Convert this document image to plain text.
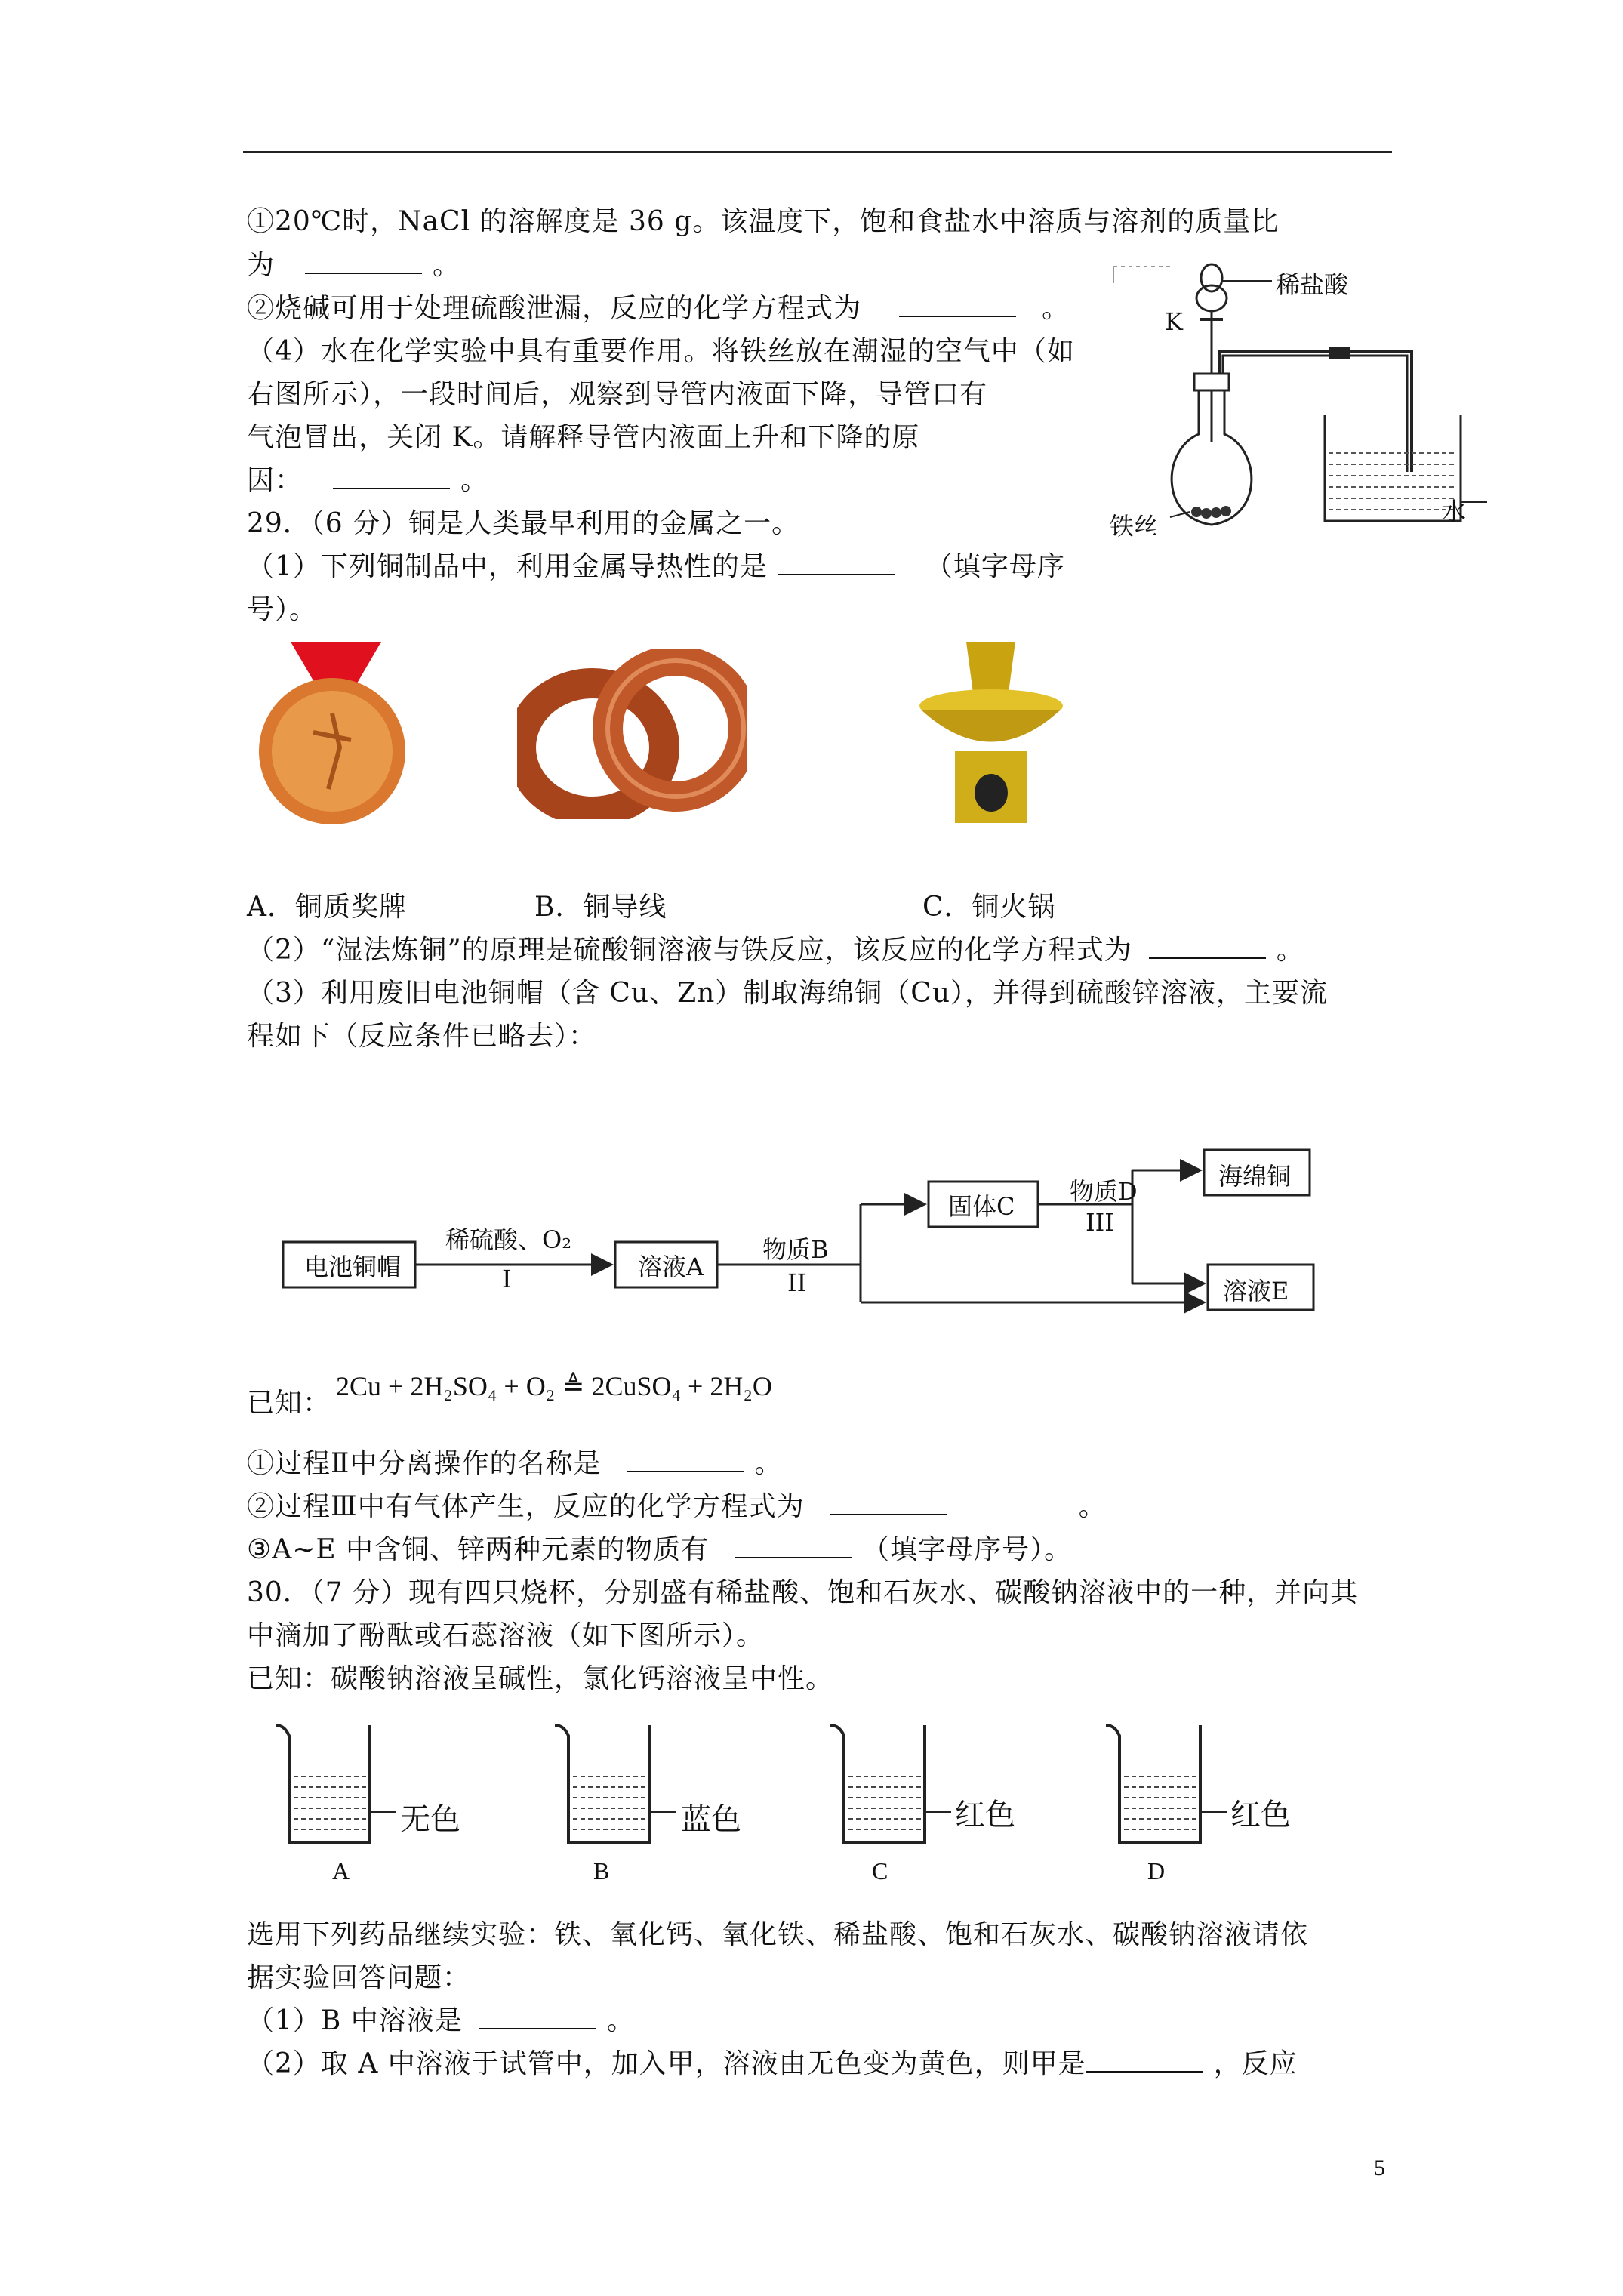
①20℃时，NaCl 的溶解度是 36 g。该温度下，饱和食盐水中溶质与溶剂的质量比
为	。
②烧碱可用于处理硫酸泄漏，反应的化学方程式为	。
（4）水在化学实验中具有重要作用。将铁丝放在潮湿的空气中（如
右图所示），一段时间后，观察到导管内液面下降，导管口有
气泡冒出，关闭 K。请解释导管内液面上升和下降的原
因：	。
29．（6 分）铜是人类最早利用的金属之一。
（1）下列铜制品中，利用金属导热性的是	（填字母序
号）。
稀盐酸
K
铁丝
水
A．铜质奖牌	B．铜导线	C．铜火锅
（2）“湿法炼铜”的原理是硫酸铜溶液与铁反应，该反应的化学方程式为	。
（3）利用废旧电池铜帽（含 Cu、Zn）制取海绵铜（Cu），并得到硫酸锌溶液，主要流
程如下（反应条件已略去）：
电池铜帽
稀硫酸、O₂
I	溶液A
物质B
II
固体C
物质D
III
海绵铜
溶液E
已知：
2Cu + 2H₂SO₄ + O₂ ≜ 2CuSO₄ + 2H₂O
①过程Ⅱ中分离操作的名称是	。
②过程Ⅲ中有气体产生，反应的化学方程式为	。
③A~E 中含铜、锌两种元素的物质有	（填字母序号）。
30．（7 分）现有四只烧杯，分别盛有稀盐酸、饱和石灰水、碳酸钠溶液中的一种，并向其
中滴加了酚酞或石蕊溶液（如下图所示）。
已知：碳酸钠溶液呈碱性，氯化钙溶液呈中性。
无色	蓝色	红色	红色
A	B	C	D
选用下列药品继续实验：铁、氧化钙、氧化铁、稀盐酸、饱和石灰水、碳酸钠溶液请依
据实验回答问题：
（1）B 中溶液是	。
（2）取 A 中溶液于试管中，加入甲，溶液由无色变为黄色，则甲是	，反应
5
